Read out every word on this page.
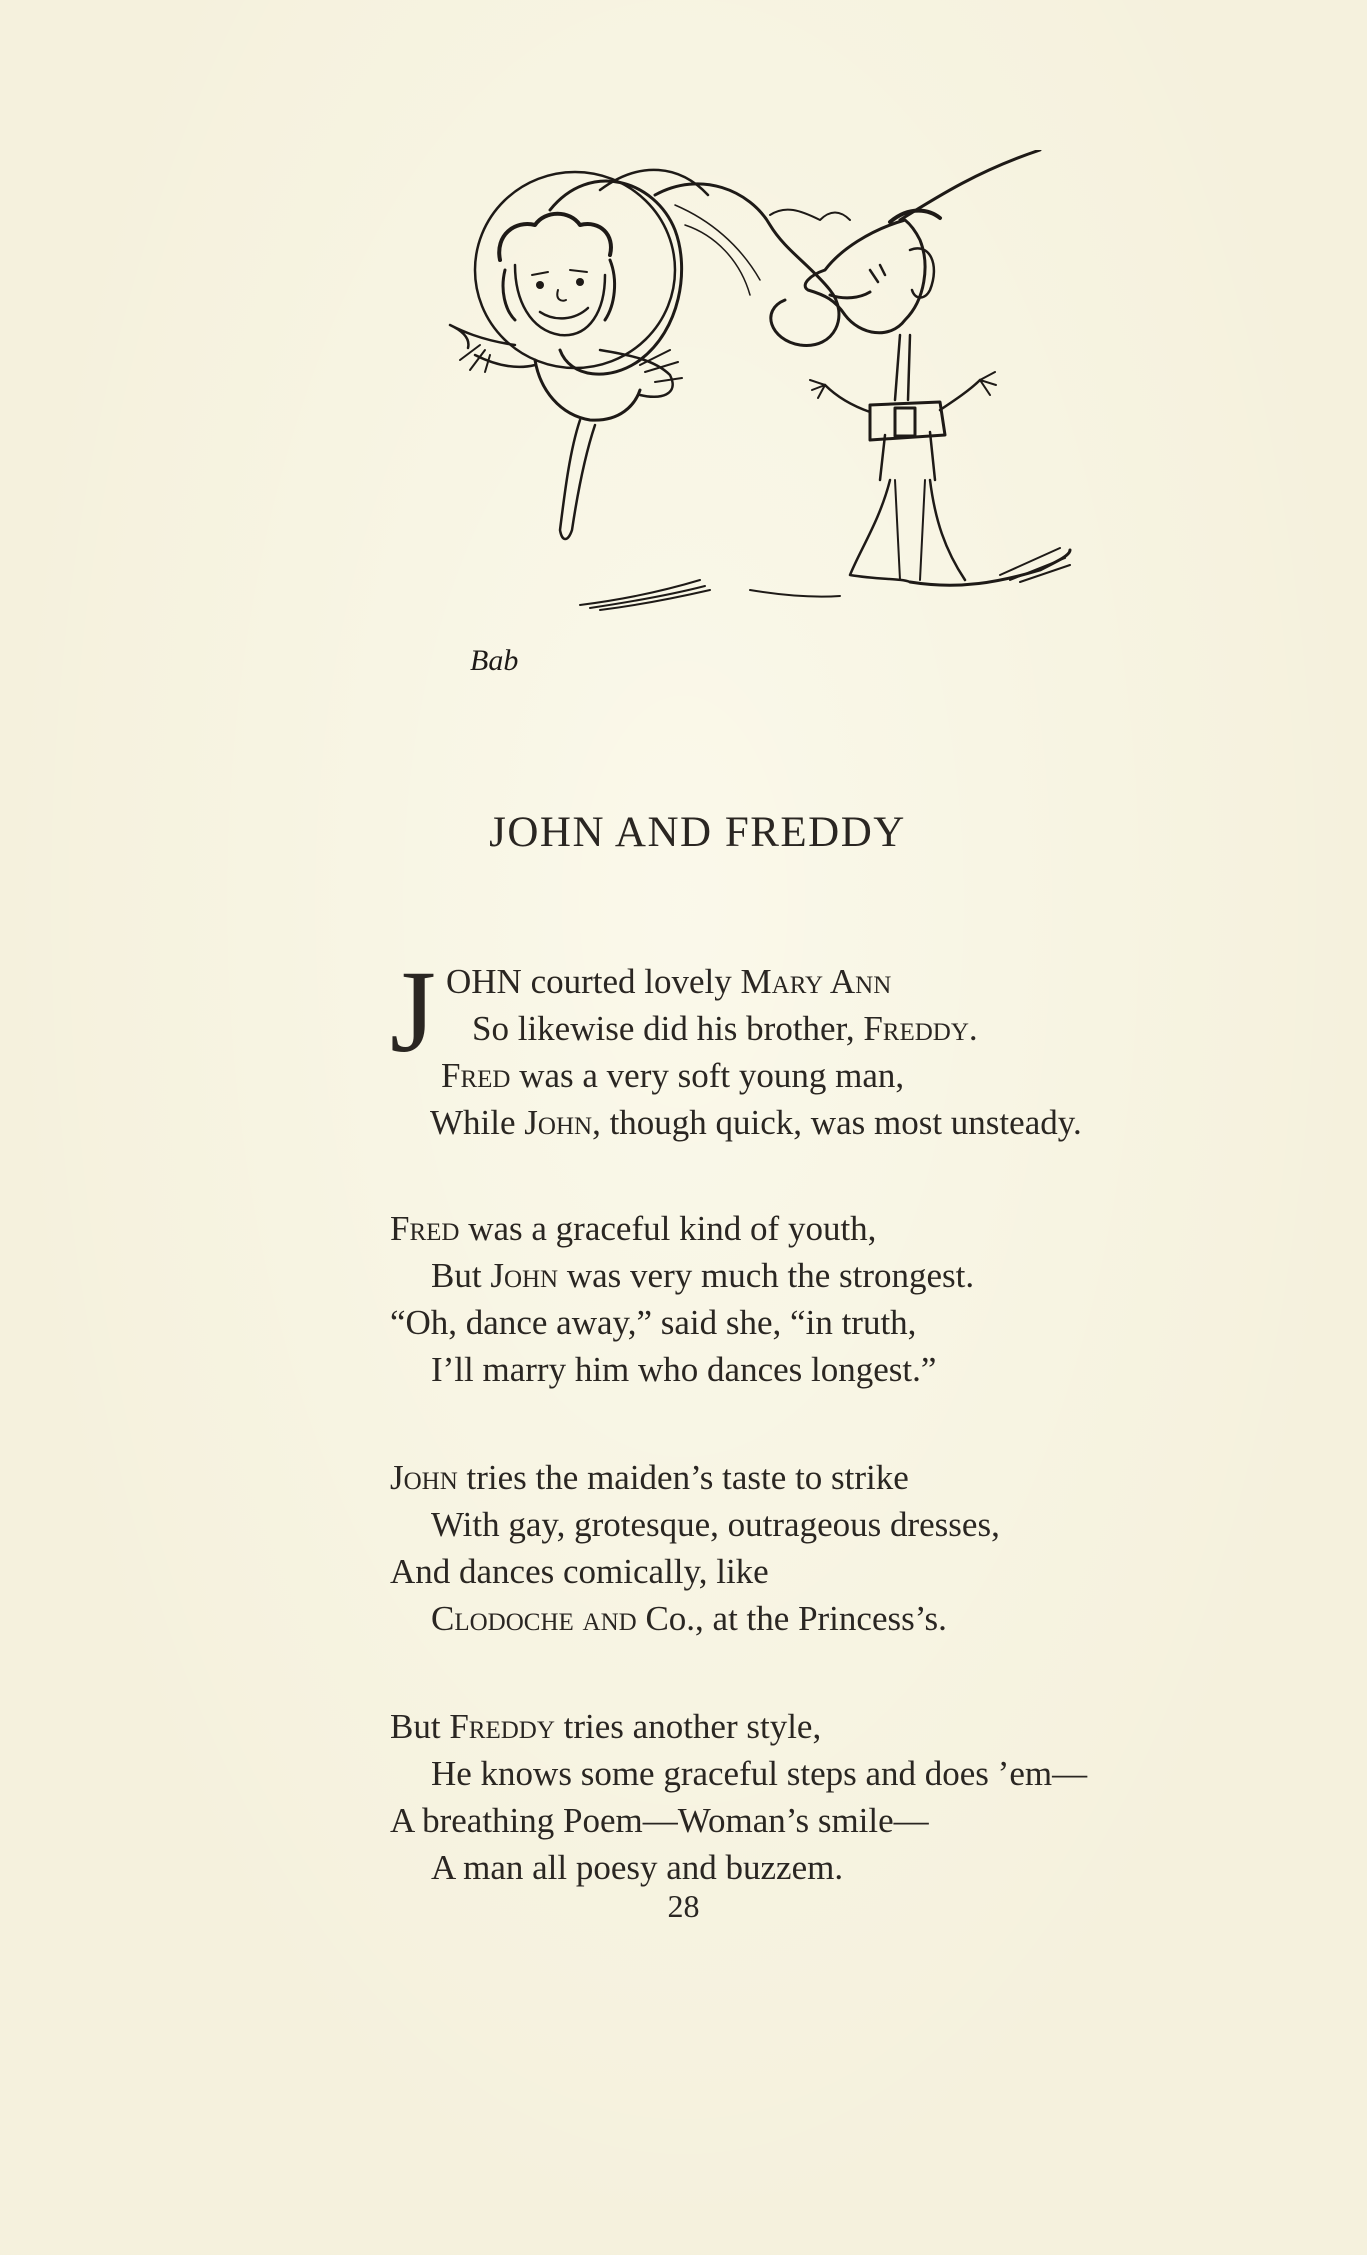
Bab
JOHN AND FREDDY
J OHN courted lovely Mary Ann
So likewise did his brother, Freddy.
Fred was a very soft young man,
While John, though quick, was most unsteady.
Fred was a graceful kind of youth,
But John was very much the strongest.
“Oh, dance away,” said she, “in truth,
I’ll marry him who dances longest.”
John tries the maiden’s taste to strike
With gay, grotesque, outrageous dresses,
And dances comically, like
Clodoche and Co., at the Princess’s.
But Freddy tries another style,
He knows some graceful steps and does ’em—
A breathing Poem—Woman’s smile—
A man all poesy and buzzem.
28
